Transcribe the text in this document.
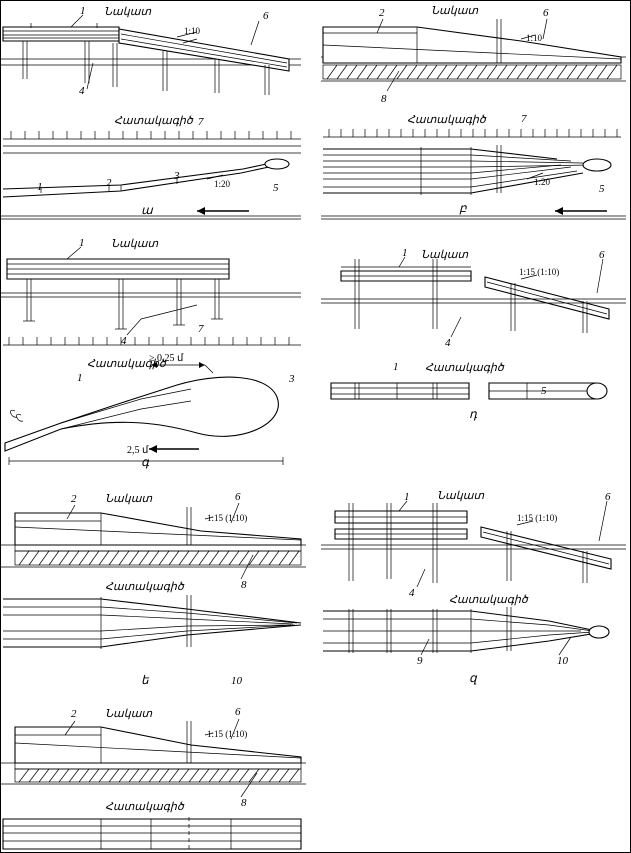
Նակատ
1	6
4
1:10
Հատակագիծ 7
1	2
3
1:20	5
ա
Նակատ
2	6
1:10
8
Հատակագիծ	7
1:20
5
բ
Նակատ
1
4
7
Հատակագիծ
≥ 0,25 մ
1	3
2,5 մ
գ
Նակատ
1	6
1:15 (1:10)
4
Հատակագիծ
1
5
դ
Նակատ
2	6
1:15 (1:10)
8
Հատակագիծ
10
ե
Նակատ
1	6
1:15 (1:10)
4
Հատակագիծ
9	10
զ
Նակատ
2	6
1:15 (1:10)
8
Հատակագիծ
